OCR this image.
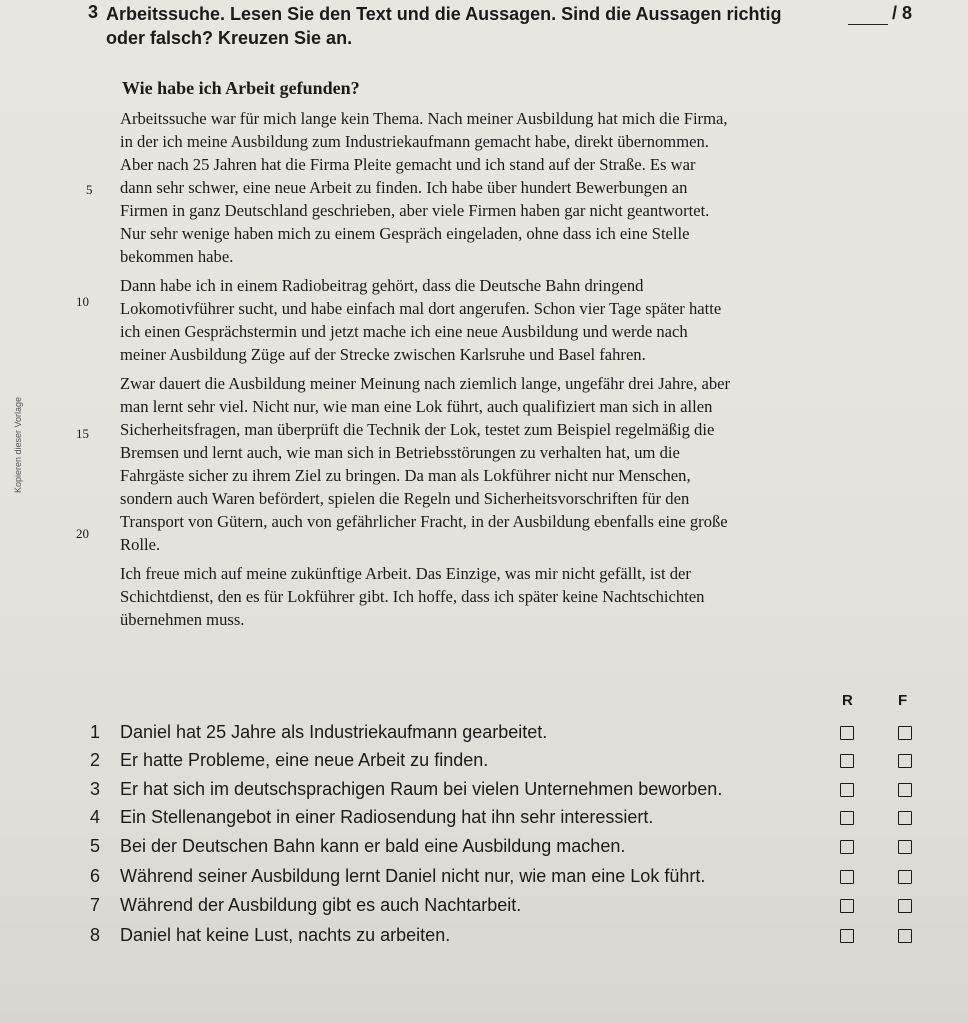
3 Arbeitssuche. Lesen Sie den Text und die Aussagen. Sind die Aussagen richtig oder falsch? Kreuzen Sie an.
/ 8
Kopieren dieser Vorlage
Wie habe ich Arbeit gefunden?
Arbeitssuche war für mich lange kein Thema. Nach meiner Ausbildung hat mich die Firma,
in der ich meine Ausbildung zum Industriekaufmann gemacht habe, direkt übernommen.
Aber nach 25 Jahren hat die Firma Pleite gemacht und ich stand auf der Straße. Es war
dann sehr schwer, eine neue Arbeit zu finden. Ich habe über hundert Bewerbungen an
Firmen in ganz Deutschland geschrieben, aber viele Firmen haben gar nicht geantwortet.
Nur sehr wenige haben mich zu einem Gespräch eingeladen, ohne dass ich eine Stelle
bekommen habe.
Dann habe ich in einem Radiobeitrag gehört, dass die Deutsche Bahn dringend
Lokomotivführer sucht, und habe einfach mal dort angerufen. Schon vier Tage später hatte
ich einen Gesprächstermin und jetzt mache ich eine neue Ausbildung und werde nach
meiner Ausbildung Züge auf der Strecke zwischen Karlsruhe und Basel fahren.
Zwar dauert die Ausbildung meiner Meinung nach ziemlich lange, ungefähr drei Jahre, aber
man lernt sehr viel. Nicht nur, wie man eine Lok führt, auch qualifiziert man sich in allen
Sicherheitsfragen, man überprüft die Technik der Lok, testet zum Beispiel regelmäßig die
Bremsen und lernt auch, wie man sich in Betriebsstörungen zu verhalten hat, um die
Fahrgäste sicher zu ihrem Ziel zu bringen. Da man als Lokführer nicht nur Menschen,
sondern auch Waren befördert, spielen die Regeln und Sicherheitsvorschriften für den
Transport von Gütern, auch von gefährlicher Fracht, in der Ausbildung ebenfalls eine große
Rolle.
Ich freue mich auf meine zukünftige Arbeit. Das Einzige, was mir nicht gefällt, ist der
Schichtdienst, den es für Lokführer gibt. Ich hoffe, dass ich später keine Nachtschichten
übernehmen muss.
5
10
15
20
R	F
1 Daniel hat 25 Jahre als Industriekaufmann gearbeitet.
2 Er hatte Probleme, eine neue Arbeit zu finden.
3 Er hat sich im deutschsprachigen Raum bei vielen Unternehmen beworben.
4 Ein Stellenangebot in einer Radiosendung hat ihn sehr interessiert.
5 Bei der Deutschen Bahn kann er bald eine Ausbildung machen.
6 Während seiner Ausbildung lernt Daniel nicht nur, wie man eine Lok führt.
7 Während der Ausbildung gibt es auch Nachtarbeit.
8 Daniel hat keine Lust, nachts zu arbeiten.
